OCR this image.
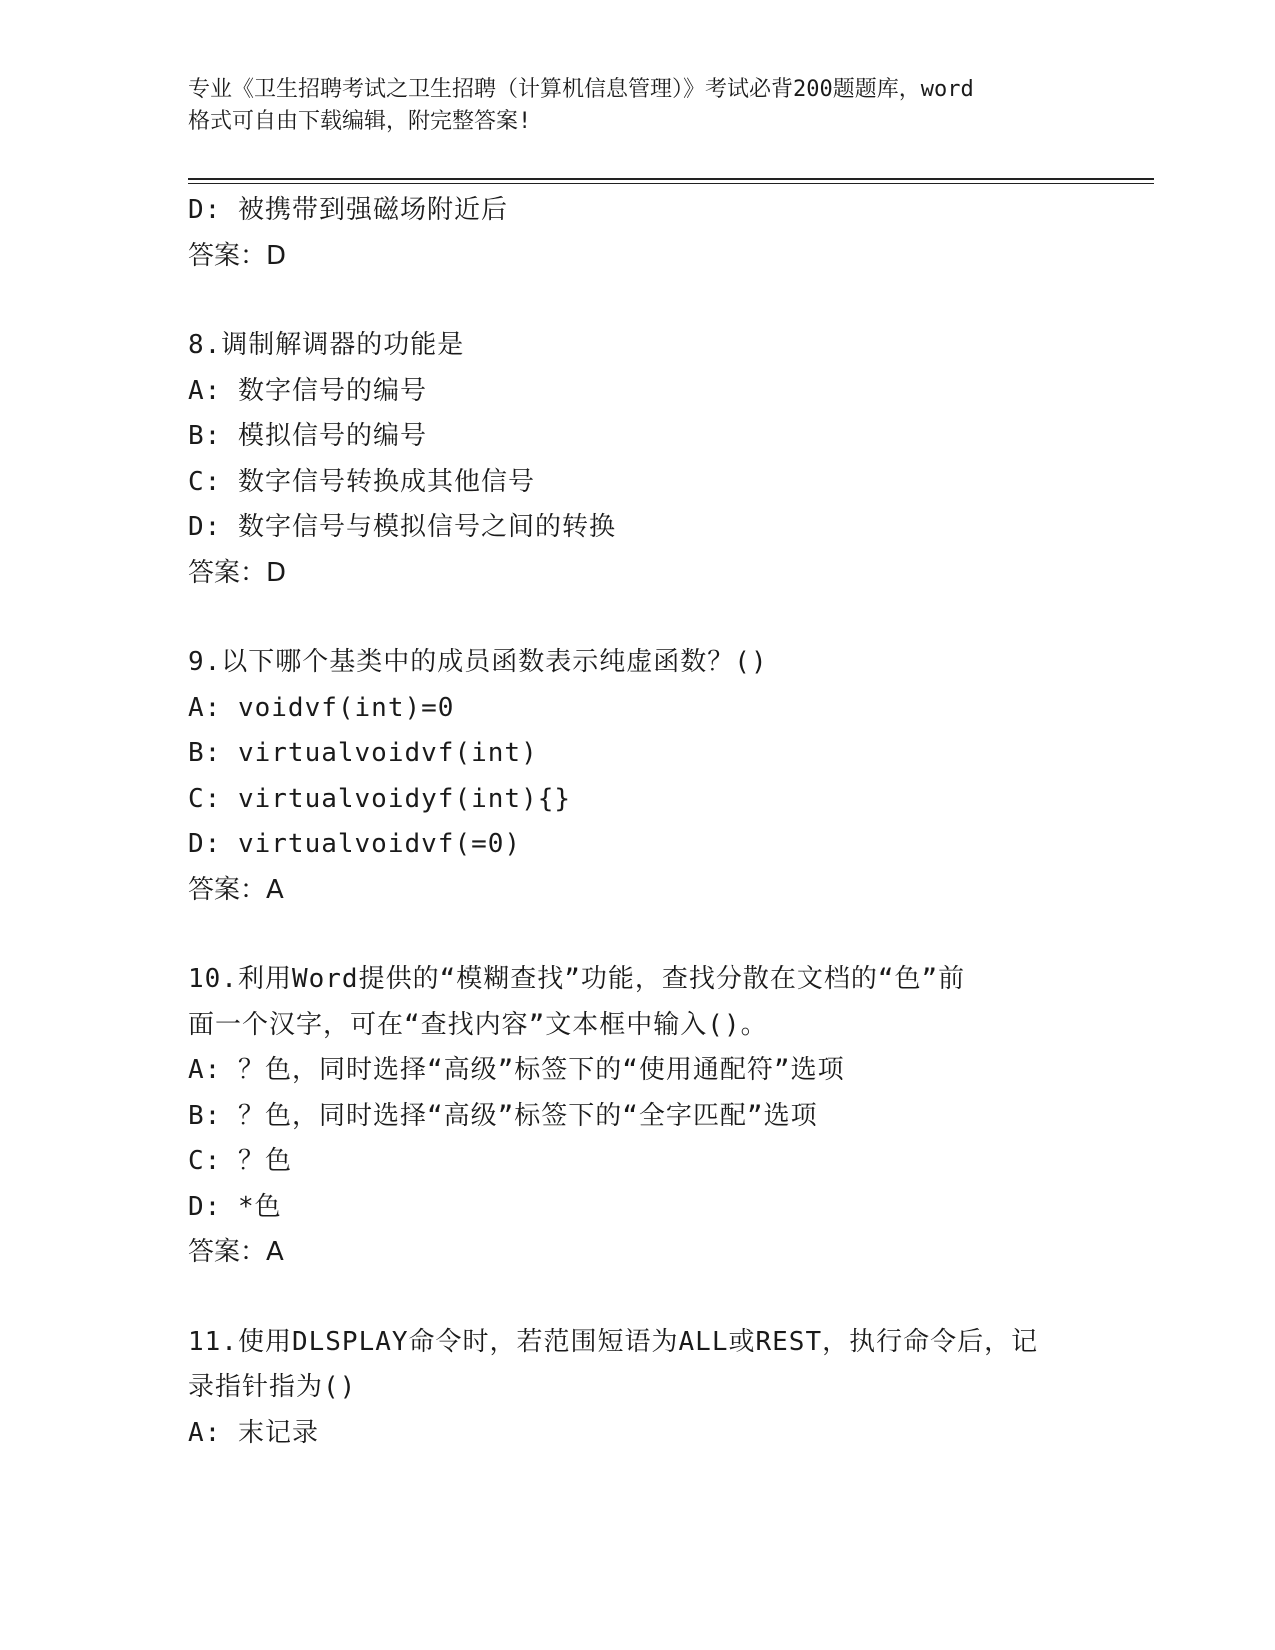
专业《卫生招聘考试之卫生招聘（计算机信息管理）》考试必背200题题库，word
格式可自由下载编辑，附完整答案!
D: 被携带到强磁场附近后
答案：D
8.调制解调器的功能是
A: 数字信号的编号
B: 模拟信号的编号
C: 数字信号转换成其他信号
D: 数字信号与模拟信号之间的转换
答案：D
9.以下哪个基类中的成员函数表示纯虚函数？()
A: voidvf(int)=0
B: virtualvoidvf(int)
C: virtualvoidyf(int){}
D: virtualvoidvf(=0)
答案：A
10.利用Word提供的“模糊查找”功能，查找分散在文档的“色”前
面一个汉字，可在“查找内容”文本框中输入()。
A: ？色，同时选择“高级”标签下的“使用通配符”选项
B: ？色，同时选择“高级”标签下的“全字匹配”选项
C: ？色
D: *色
答案：A
11.使用DLSPLAY命令时，若范围短语为ALL或REST，执行命令后，记
录指针指为()
A: 末记录
